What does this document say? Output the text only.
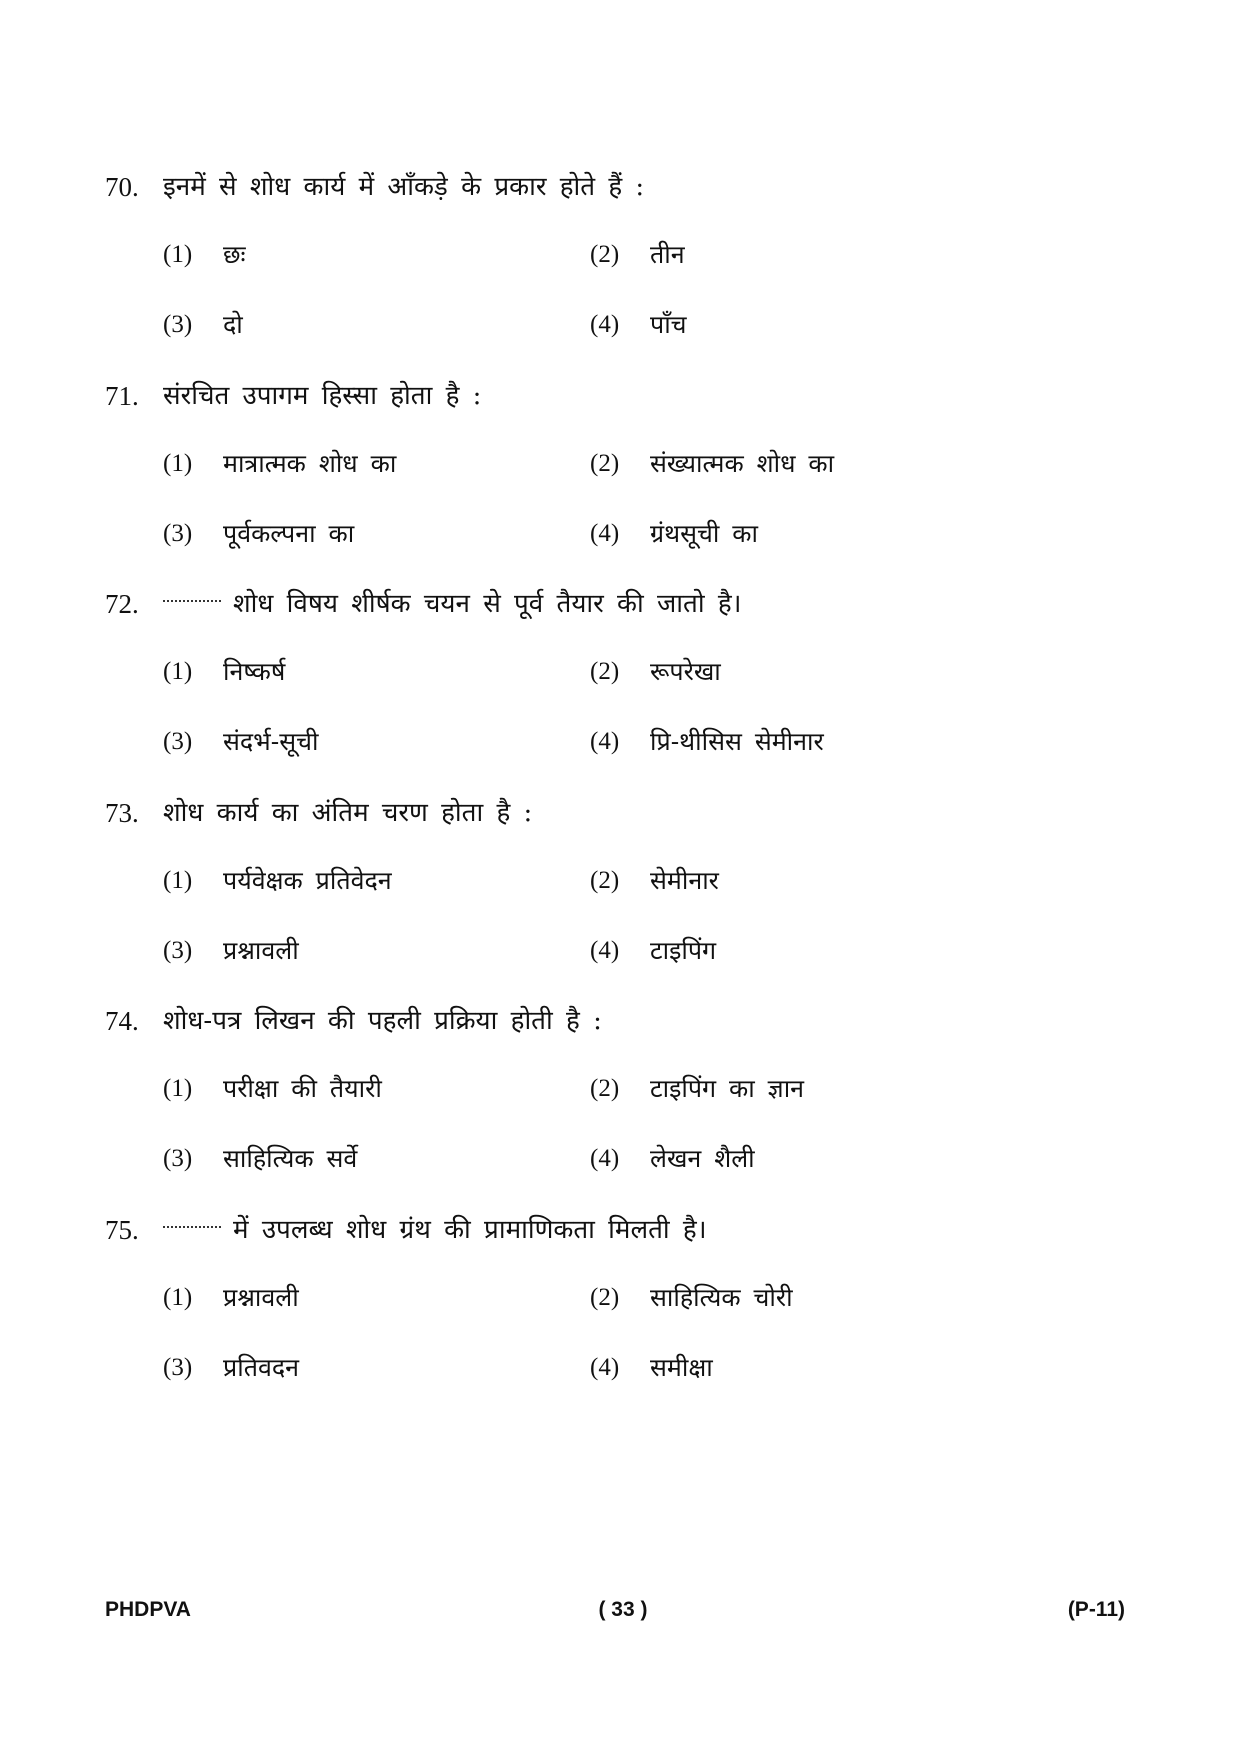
70. इनमें से शोध कार्य में आँकड़े के प्रकार होते हैं :
(1) छः	(2) तीन
(3) दो	(4) पाँच
71. संरचित उपागम हिस्सा होता है :
(1) मात्रात्मक शोध का	(2) संख्यात्मक शोध का
(3) पूर्वकल्पना का	(4) ग्रंथसूची का
72.	शोध विषय शीर्षक चयन से पूर्व तैयार की जातो है।
(1) निष्कर्ष	(2) रूपरेखा
(3) संदर्भ-सूची	(4) प्रि-थीसिस सेमीनार
73. शोध कार्य का अंतिम चरण होता है :
(1) पर्यवेक्षक प्रतिवेदन	(2) सेमीनार
(3) प्रश्नावली	(4) टाइपिंग
74. शोध-पत्र लिखन की पहली प्रक्रिया होती है :
(1) परीक्षा की तैयारी	(2) टाइपिंग का ज्ञान
(3) साहित्यिक सर्वे	(4) लेखन शैली
75.	में उपलब्ध शोध ग्रंथ की प्रामाणिकता मिलती है।
(1) प्रश्नावली	(2) साहित्यिक चोरी
(3) प्रतिवदन	(4) समीक्षा
PHDPVA	( 33 )	(P-11)
